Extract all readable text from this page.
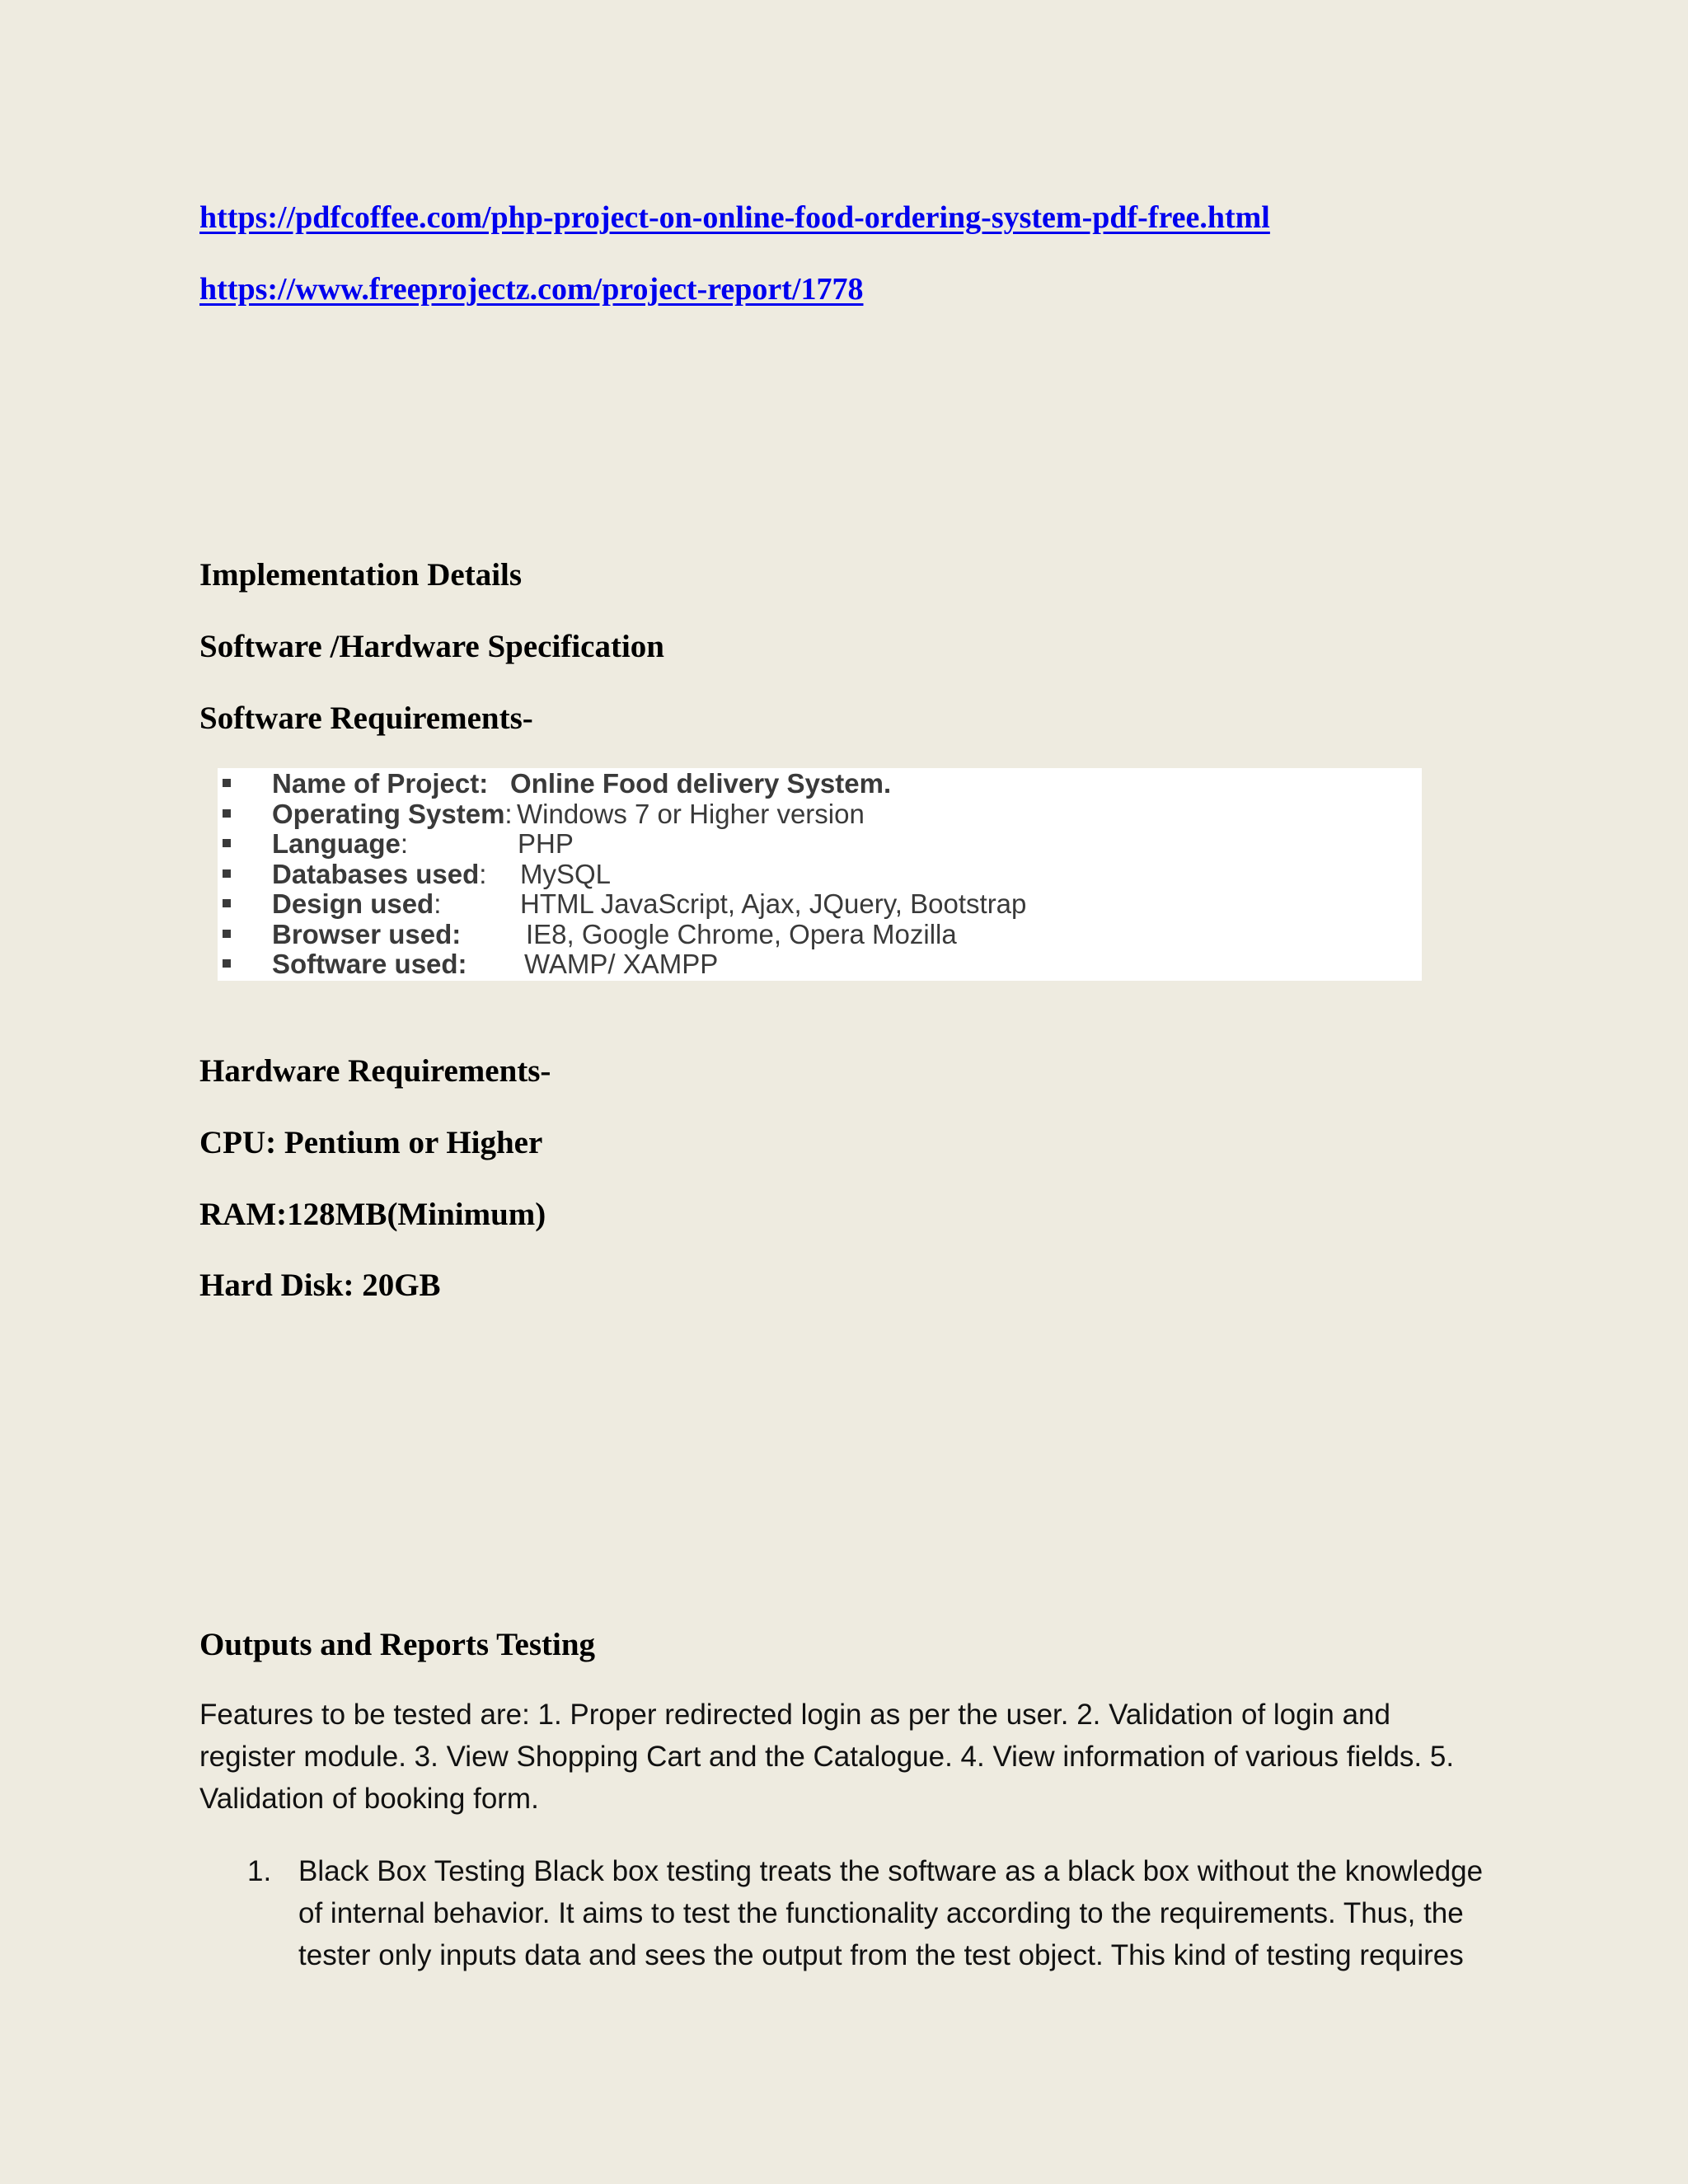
https://pdfcoffee.com/php-project-on-online-food-ordering-system-pdf-free.html
https://www.freeprojectz.com/project-report/1778
Implementation Details
Software /Hardware Specification
Software Requirements-
Name of Project: Online Food delivery System.
Operating System: Windows 7 or Higher version
Language:	PHP
Databases used: MySQL
Design used:	HTML JavaScript, Ajax, JQuery, Bootstrap
Browser used: IE8, Google Chrome, Opera Mozilla
Software used: WAMP/ XAMPP
Hardware Requirements-
CPU: Pentium or Higher
RAM:128MB(Minimum)
Hard Disk: 20GB
Outputs and Reports Testing
Features to be tested are: 1. Proper redirected login as per the user. 2. Validation of login and register module. 3. View Shopping Cart and the Catalogue. 4. View information of various fields. 5. Validation of booking form.
1. Black Box Testing Black box testing treats the software as a black box without the knowledge of internal behavior. It aims to test the functionality according to the requirements. Thus, the tester only inputs data and sees the output from the test object. This kind of testing requires
